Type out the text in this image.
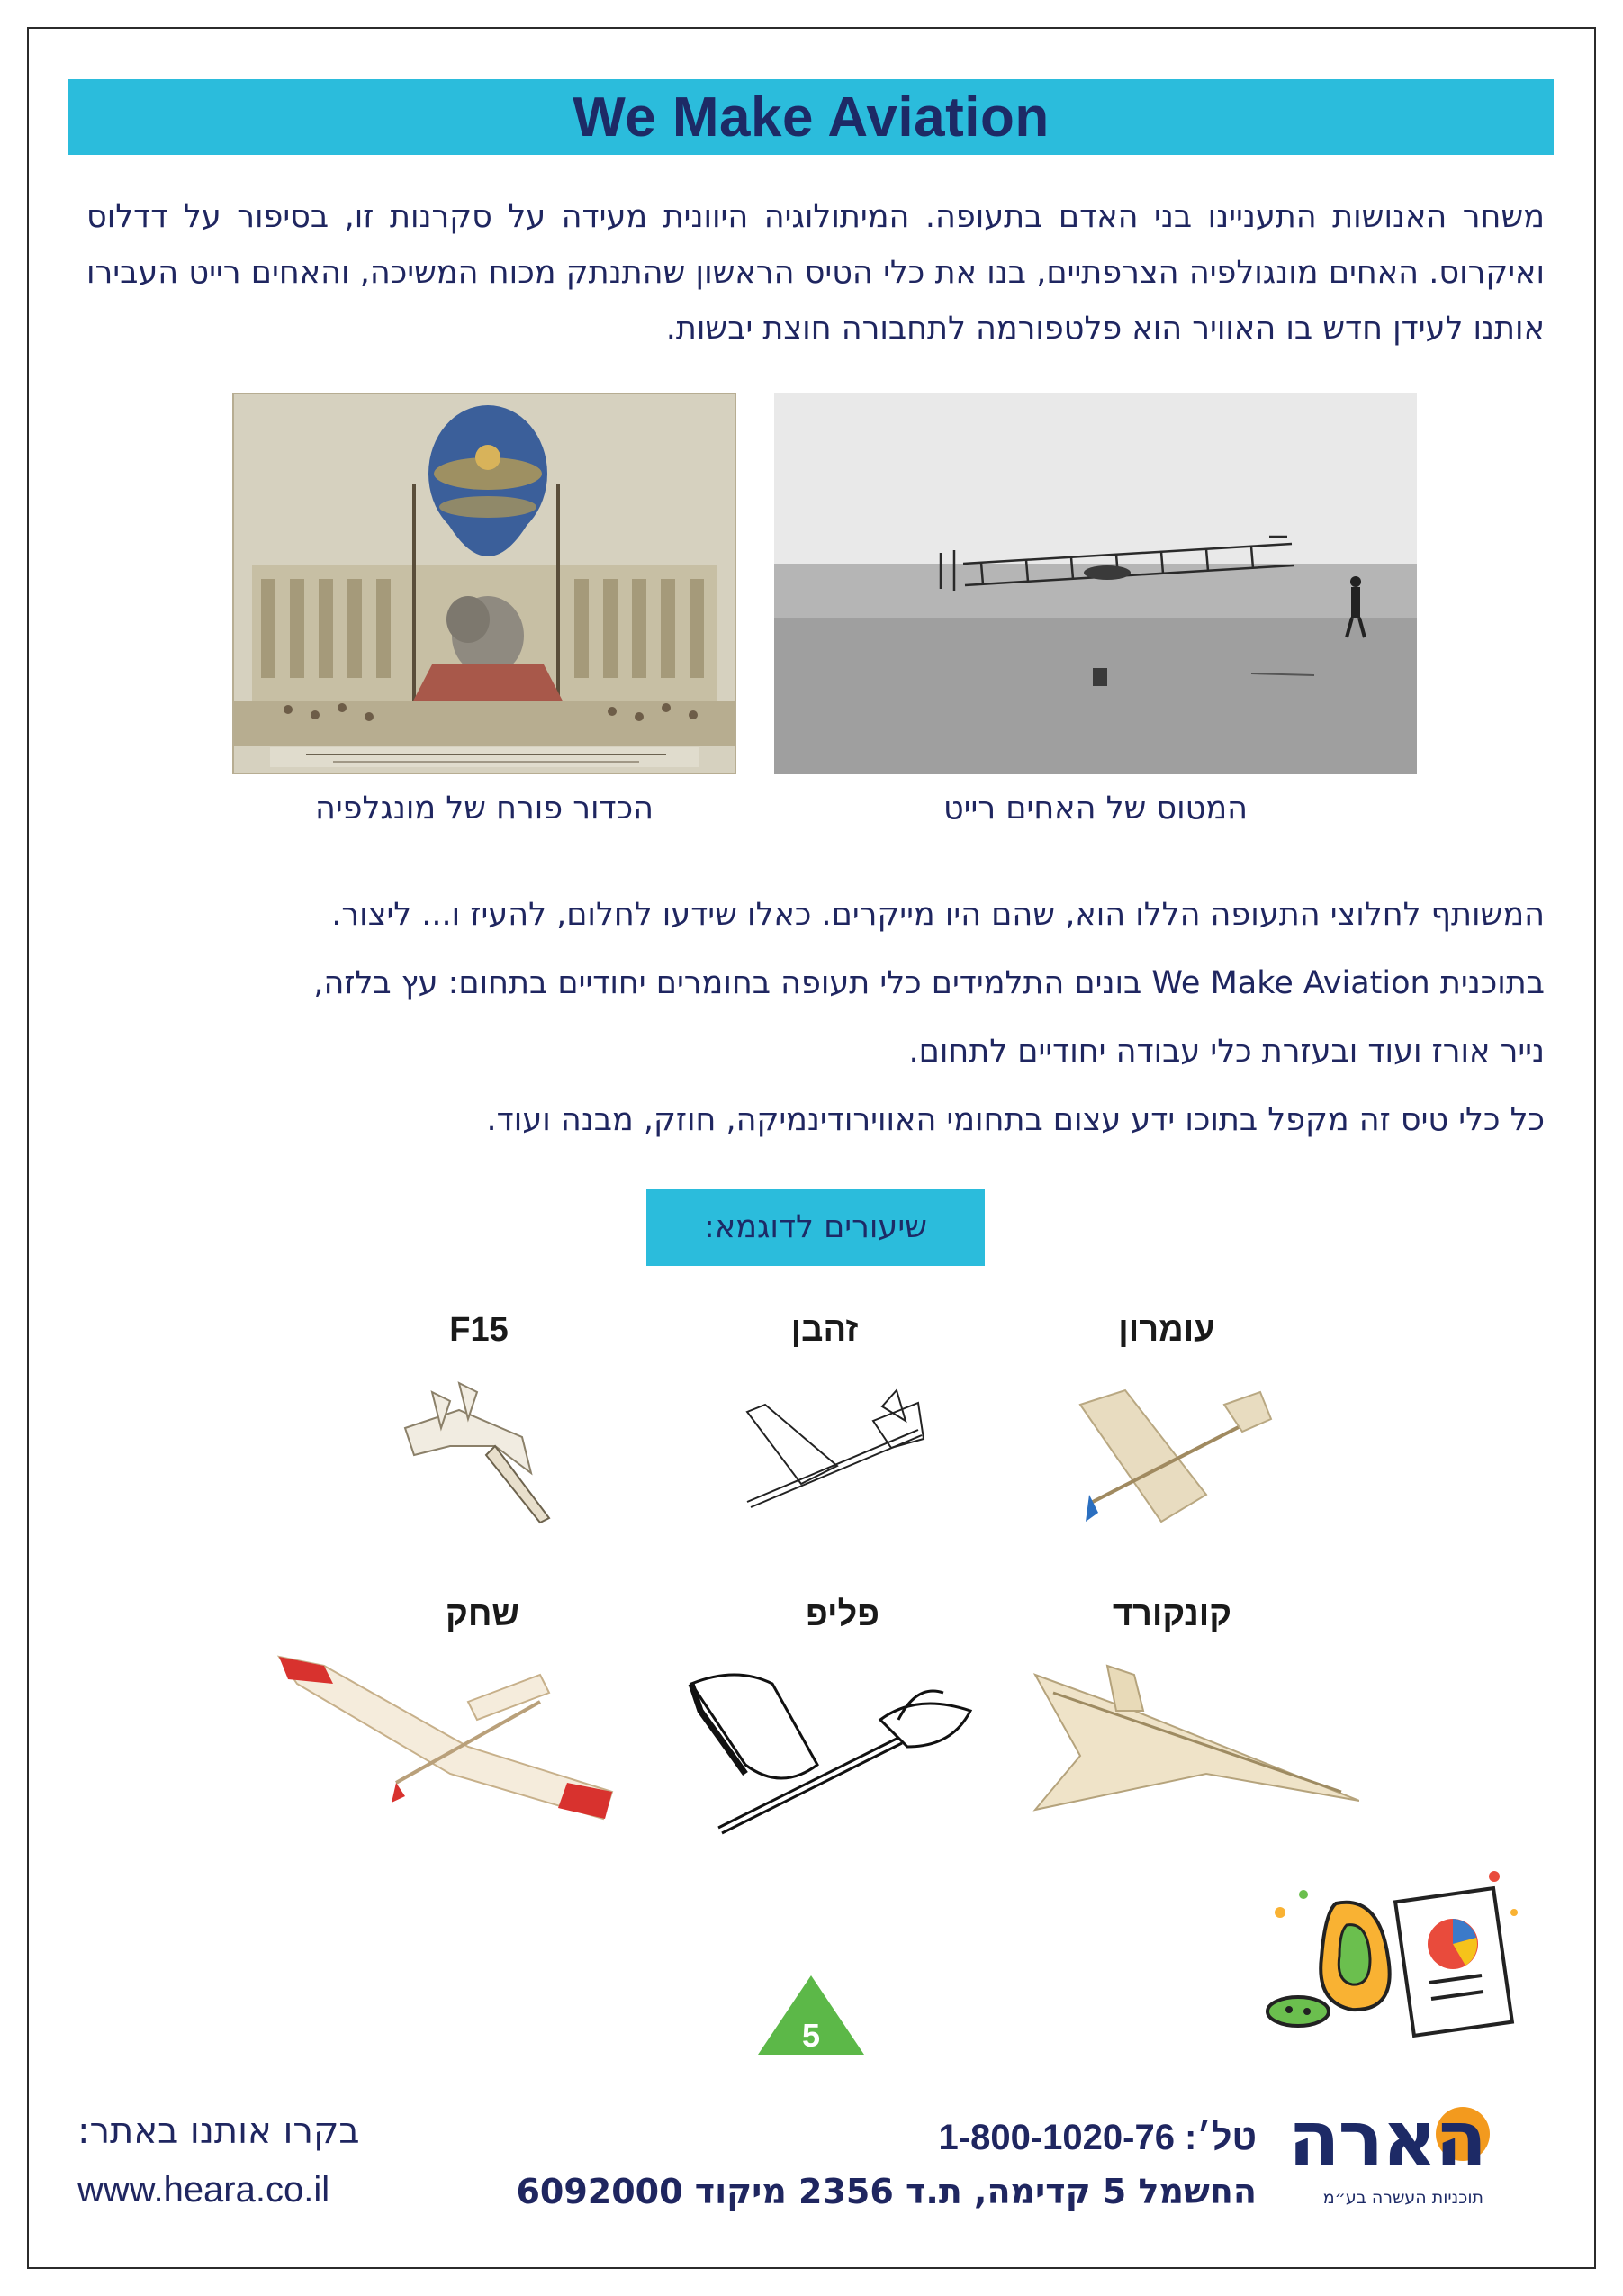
We Make Aviation
משחר האנושות התעניינו בני האדם בתעופה. המיתולוגיה היוונית מעידה על סקרנות זו, בסיפור על דדלוס ואיקרוס. האחים מונגולפיה הצרפתיים, בנו את כלי הטיס הראשון שהתנתק מכוח המשיכה, והאחים רייט העבירו אותנו לעידן חדש בו האוויר הוא פלטפורמה לתחבורה חוצת יבשות.
הכדור פורח של מונגלפיה	המטוס של האחים רייט

המשותף לחלוצי התעופה הללו הוא, שהם היו מייקרים. כאלו שידעו לחלום, להעיז ו... ליצור.

בתוכנית We Make Aviation בונים התלמידים כלי תעופה בחומרים יחודיים בתחום: עץ בלזה,

נייר אורז ועוד ובעזרת כלי עבודה יחודיים לתחום.

כל כלי טיס זה מקפל בתוכו ידע עצום בתחומי האווירודינמיקה, חוזק, מבנה ועוד.

שיעורים לדוגמא:
עומרון
זהבן
F15
קונקורד
פליפ
שחק
5
בקרו אותנו באתר:
www.heara.co.il
טל׳: 1-800-1020-76
החשמל 5 קדימה, ת.ד 2356 מיקוד 6092000
הארה
תוכניות העשרה בע״מ
